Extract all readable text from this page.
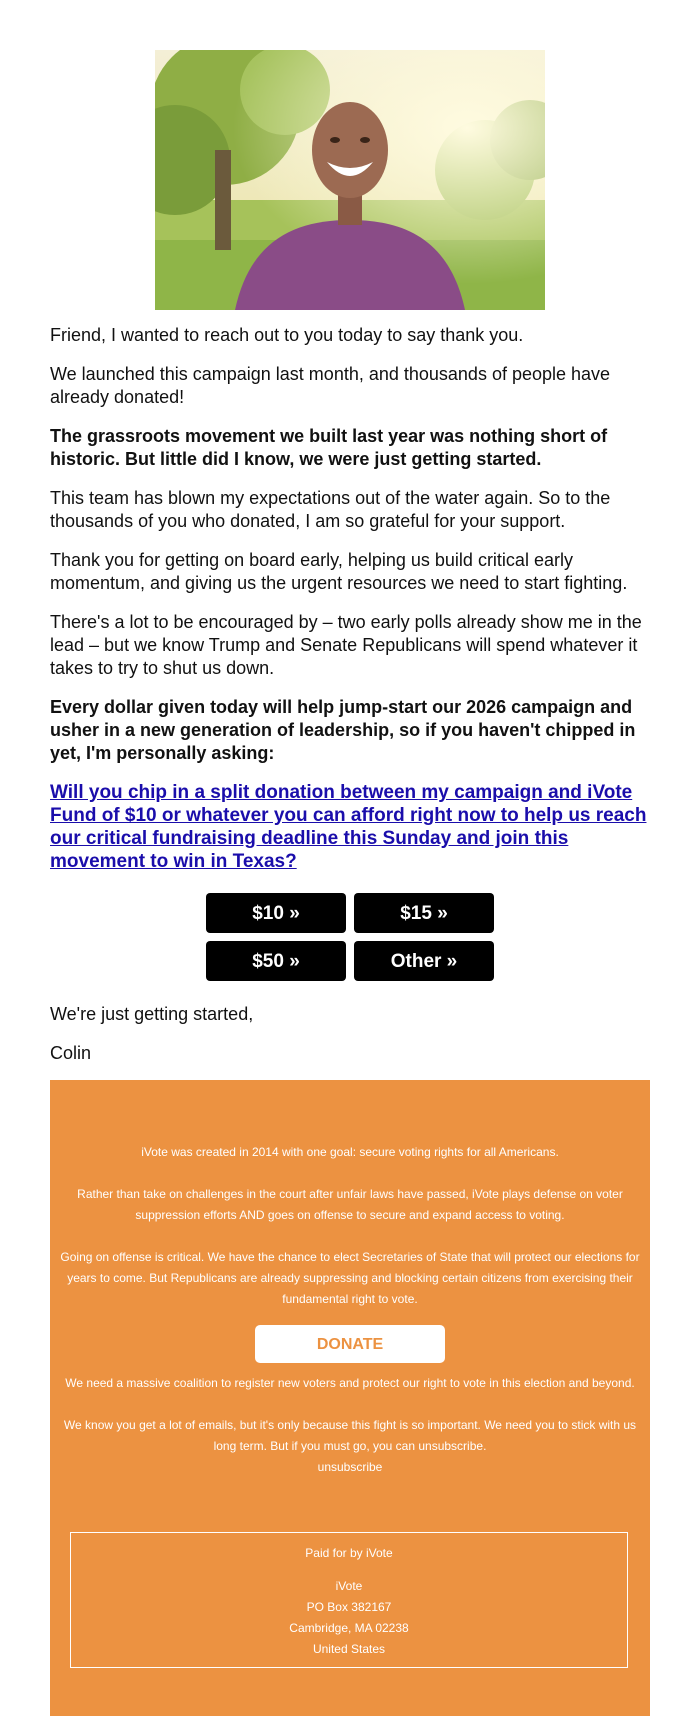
Friend, I wanted to reach out to you today to say thank you.

We launched this campaign last month, and thousands of people have already donated!

The grassroots movement we built last year was nothing short of historic. But little did I know, we were just getting started.

This team has blown my expectations out of the water again. So to the thousands of you who donated, I am so grateful for your support.

Thank you for getting on board early, helping us build critical early momentum, and giving us the urgent resources we need to start fighting.

There's a lot to be encouraged by – two early polls already show me in the lead – but we know Trump and Senate Republicans will spend whatever it takes to try to shut us down.

Every dollar given today will help jump-start our 2026 campaign and usher in a new generation of leadership, so if you haven't chipped in yet, I'm personally asking:

Will you chip in a split donation between my campaign and iVote Fund of $10 or whatever you can afford right now to help us reach our critical fundraising deadline this Sunday and join this movement to win in Texas?
$10 »	$15 »
$50 »	Other »

We're just getting started,

Colin

iVote was created in 2014 with one goal: secure voting rights for all Americans.

Rather than take on challenges in the court after unfair laws have passed, iVote plays defense on voter suppression efforts AND goes on offense to secure and expand access to voting.

Going on offense is critical. We have the chance to elect Secretaries of State that will protect our elections for years to come. But Republicans are already suppressing and blocking certain citizens from exercising their fundamental right to vote.

DONATE

We need a massive coalition to register new voters and protect our right to vote in this election and beyond.

We know you get a lot of emails, but it's only because this fight is so important. We need you to stick with us long term. But if you must go, you can unsubscribe.
unsubscribe
Paid for by iVote
iVote
PO Box 382167
Cambridge, MA 02238
United States
